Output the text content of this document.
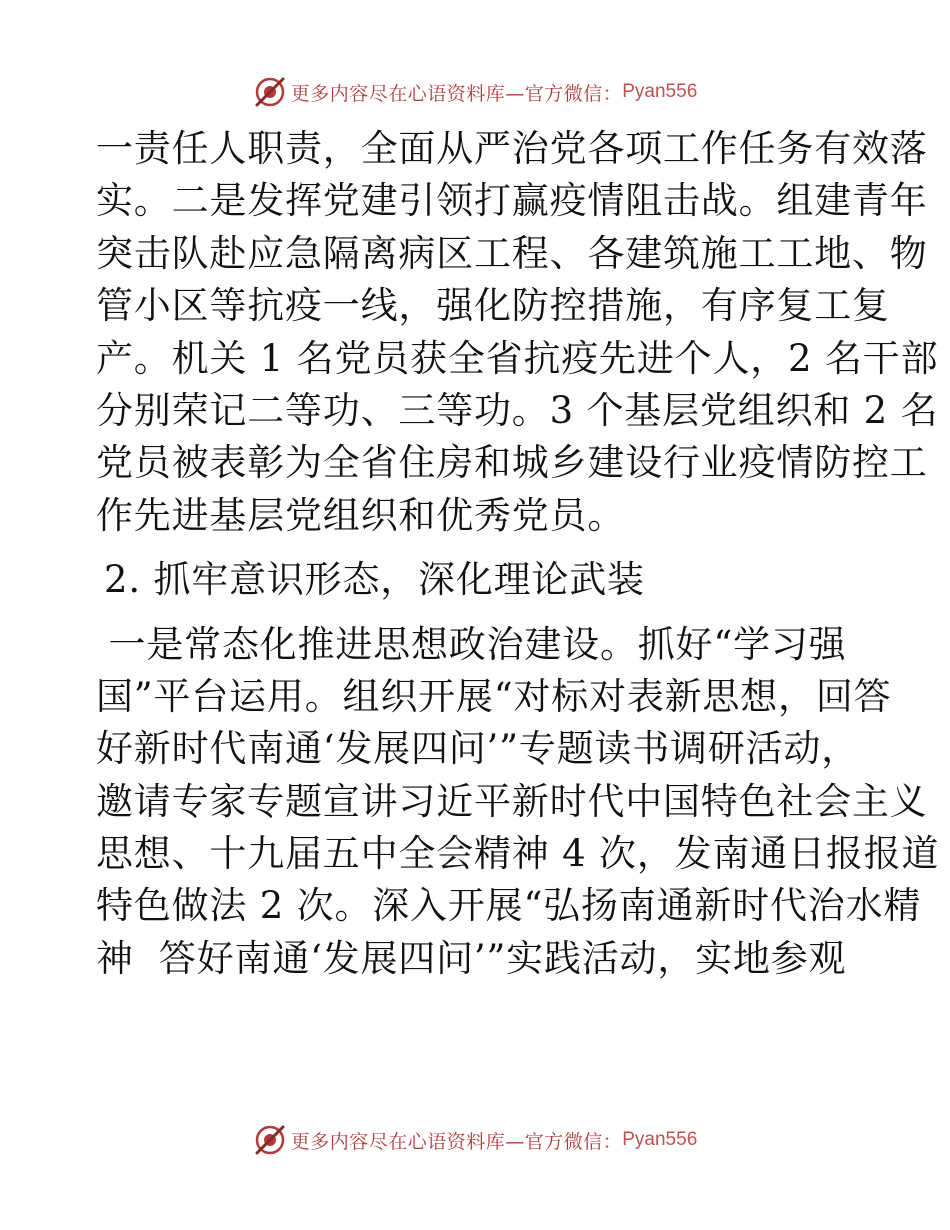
更多内容尽在心语资料库—官方微信： Pyan556
一责任人职责，全面从严治党各项工作任务有效落
实。二是发挥党建引领打赢疫情阻击战。组建青年
突击队赴应急隔离病区工程、各建筑施工工地、物
管小区等抗疫一线，强化防控措施，有序复工复
产。机关 1 名党员获全省抗疫先进个人，2 名干部
分别荣记二等功、三等功。3 个基层党组织和 2 名
党员被表彰为全省住房和城乡建设行业疫情防控工
作先进基层党组织和优秀党员。
2. 抓牢意识形态，深化理论武装
一是常态化推进思想政治建设。抓好“学习强
国”平台运用。组织开展“对标对表新思想，回答
好新时代南通‘发展四问’”专题读书调研活动，
邀请专家专题宣讲习近平新时代中国特色社会主义
思想、十九届五中全会精神 4 次，发南通日报报道
特色做法 2 次。深入开展“弘扬南通新时代治水精
神  答好南通‘发展四问’”实践活动，实地参观
更多内容尽在心语资料库—官方微信： Pyan556
